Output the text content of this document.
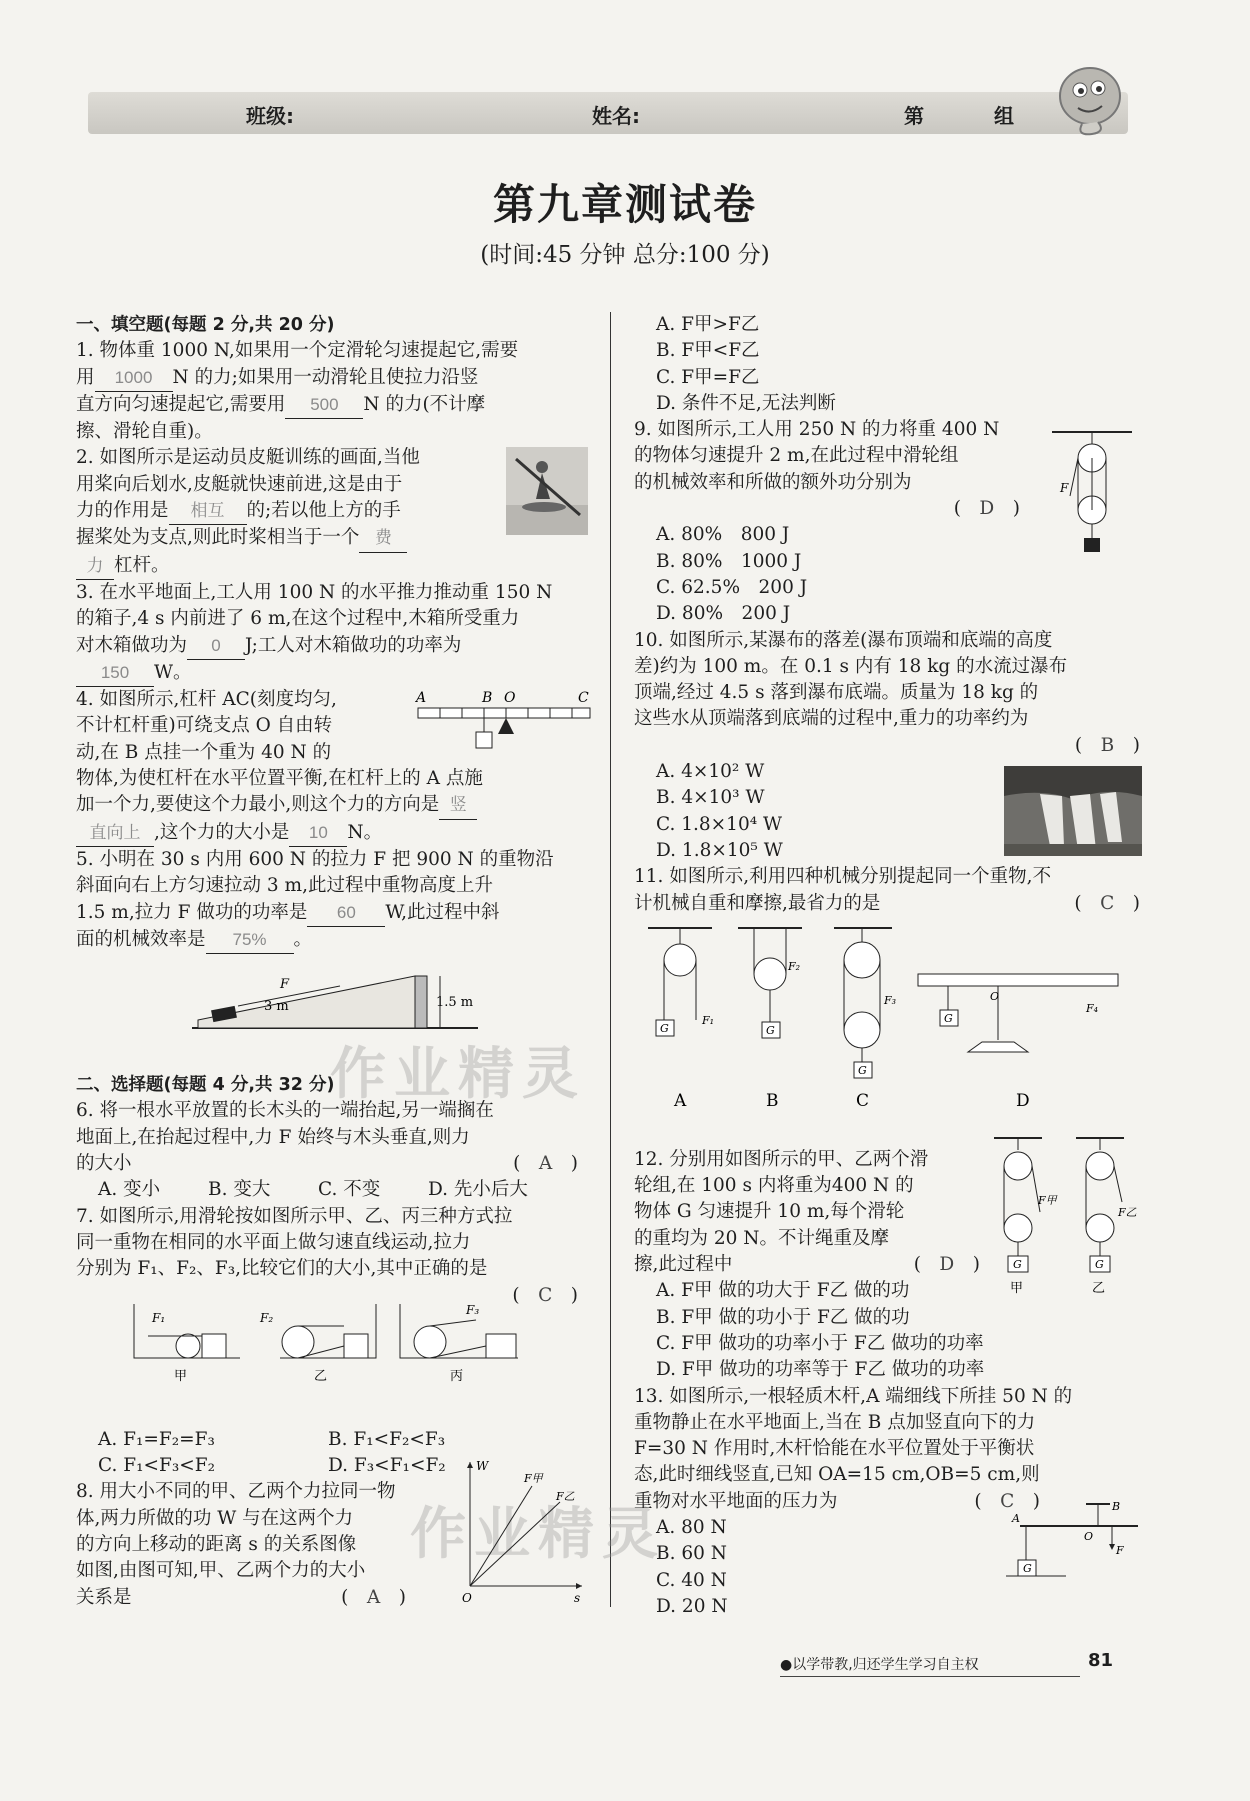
班级:	姓名:	第	组
第九章测试卷
(时间:45 分钟 总分:100 分)
作业精灵
作业精灵

一、填空题(每题 2 分,共 20 分)

1. 物体重 1000 N,如果用一个定滑轮匀速提起它,需要

用 1000 N 的力;如果用一动滑轮且使拉力沿竖

直方向匀速提起它,需要用 500 N 的力(不计摩

擦、滑轮自重)。

2. 如图所示是运动员皮艇训练的画面,当他

用桨向后划水,皮艇就快速前进,这是由于

力的作用是 相互 的;若以他上方的手

握桨处为支点,则此时桨相当于一个 费

力 杠杆。

3. 在水平地面上,工人用 100 N 的水平推力推动重 150 N

的箱子,4 s 内前进了 6 m,在这个过程中,木箱所受重力

对木箱做功为 0 J;工人对木箱做功的功率为

150 W。

4. 如图所示,杠杆 AC(刻度均匀,

不计杠杆重)可绕支点 O 自由转

动,在 B 点挂一个重为 40 N 的

物体,为使杠杆在水平位置平衡,在杠杆上的 A 点施

加一个力,要使这个力最小,则这个力的方向是 竖

直向上 ,这个力的大小是 10 N。

5. 小明在 30 s 内用 600 N 的拉力 F 把 900 N 的重物沿

斜面向右上方匀速拉动 3 m,此过程中重物高度上升

1.5 m,拉力 F 做功的功率是 60 W,此过程中斜

面的机械效率是 75% 。

二、选择题(每题 4 分,共 32 分)

6. 将一根水平放置的长木头的一端抬起,另一端搁在

地面上,在抬起过程中,力 F 始终与木头垂直,则力

的大小	(　 A　 )

A. 变小	B. 变大	C. 不变	D. 先小后大

7. 如图所示,用滑轮按如图所示甲、乙、丙三种方式拉

同一重物在相同的水平面上做匀速直线运动,拉力

分别为 F₁、F₂、F₃,比较它们的大小,其中正确的是

(　 C　 )

A. F₁=F₂=F₃	B. F₁<F₂<F₃

C. F₁<F₃<F₂	D. F₃<F₁<F₂

8. 用大小不同的甲、乙两个力拉同一物

体,两力所做的功 W 与在这两个力

的方向上移动的距离 s 的关系图像

如图,由图可知,甲、乙两个力的大小

关系是	(　 A　 )

A	B O	C
F
3 m	1.5 m
F₁	F₂
F₃
甲	乙	丙
W
s
O
F甲
F乙

A. F甲>F乙

B. F甲<F乙

C. F甲=F乙

D. 条件不足,无法判断

9. 如图所示,工人用 250 N 的力将重 400 N

的物体匀速提升 2 m,在此过程中滑轮组

的机械效率和所做的额外功分别为

(　 D　 )

A. 80%　800 J

B. 80%　1000 J

C. 62.5%　200 J

D. 80%　200 J

10. 如图所示,某瀑布的落差(瀑布顶端和底端的高度

差)约为 100 m。在 0.1 s 内有 18 kg 的水流过瀑布

顶端,经过 4.5 s 落到瀑布底端。质量为 18 kg 的

这些水从顶端落到底端的过程中,重力的功率约为

(　 B　 )

A. 4×10² W

B. 4×10³ W

C. 1.8×10⁴ W

D. 1.8×10⁵ W

11. 如图所示,利用四种机械分别提起同一个重物,不

计机械自重和摩擦,最省力的是	(　 C　 )

12. 分别用如图所示的甲、乙两个滑

轮组,在 100 s 内将重为400 N 的

物体 G 匀速提升 10 m,每个滑轮

的重均为 20 N。不计绳重及摩

擦,此过程中	(　 D　 )

A. F甲 做的功大于 F乙 做的功

B. F甲 做的功小于 F乙 做的功

C. F甲 做功的功率小于 F乙 做功的功率

D. F甲 做功的功率等于 F乙 做功的功率

13. 如图所示,一根轻质木杆,A 端细线下所挂 50 N 的

重物静止在水平地面上,当在 B 点加竖直向下的力

F=30 N 作用时,木杆恰能在水平位置处于平衡状

态,此时细线竖直,已知 OA=15 cm,OB=5 cm,则

重物对水平地面的压力为	(　 C　 )

A. 80 N

B. 60 N

C. 40 N

D. 20 N

F
G	G
G
G
F₁
F₂
F₃
F₄
O
A	B	C	D
G	G
F甲
F乙
甲	乙
A
B
O
F
G
●以学带教,归还学生学习自主权	81
